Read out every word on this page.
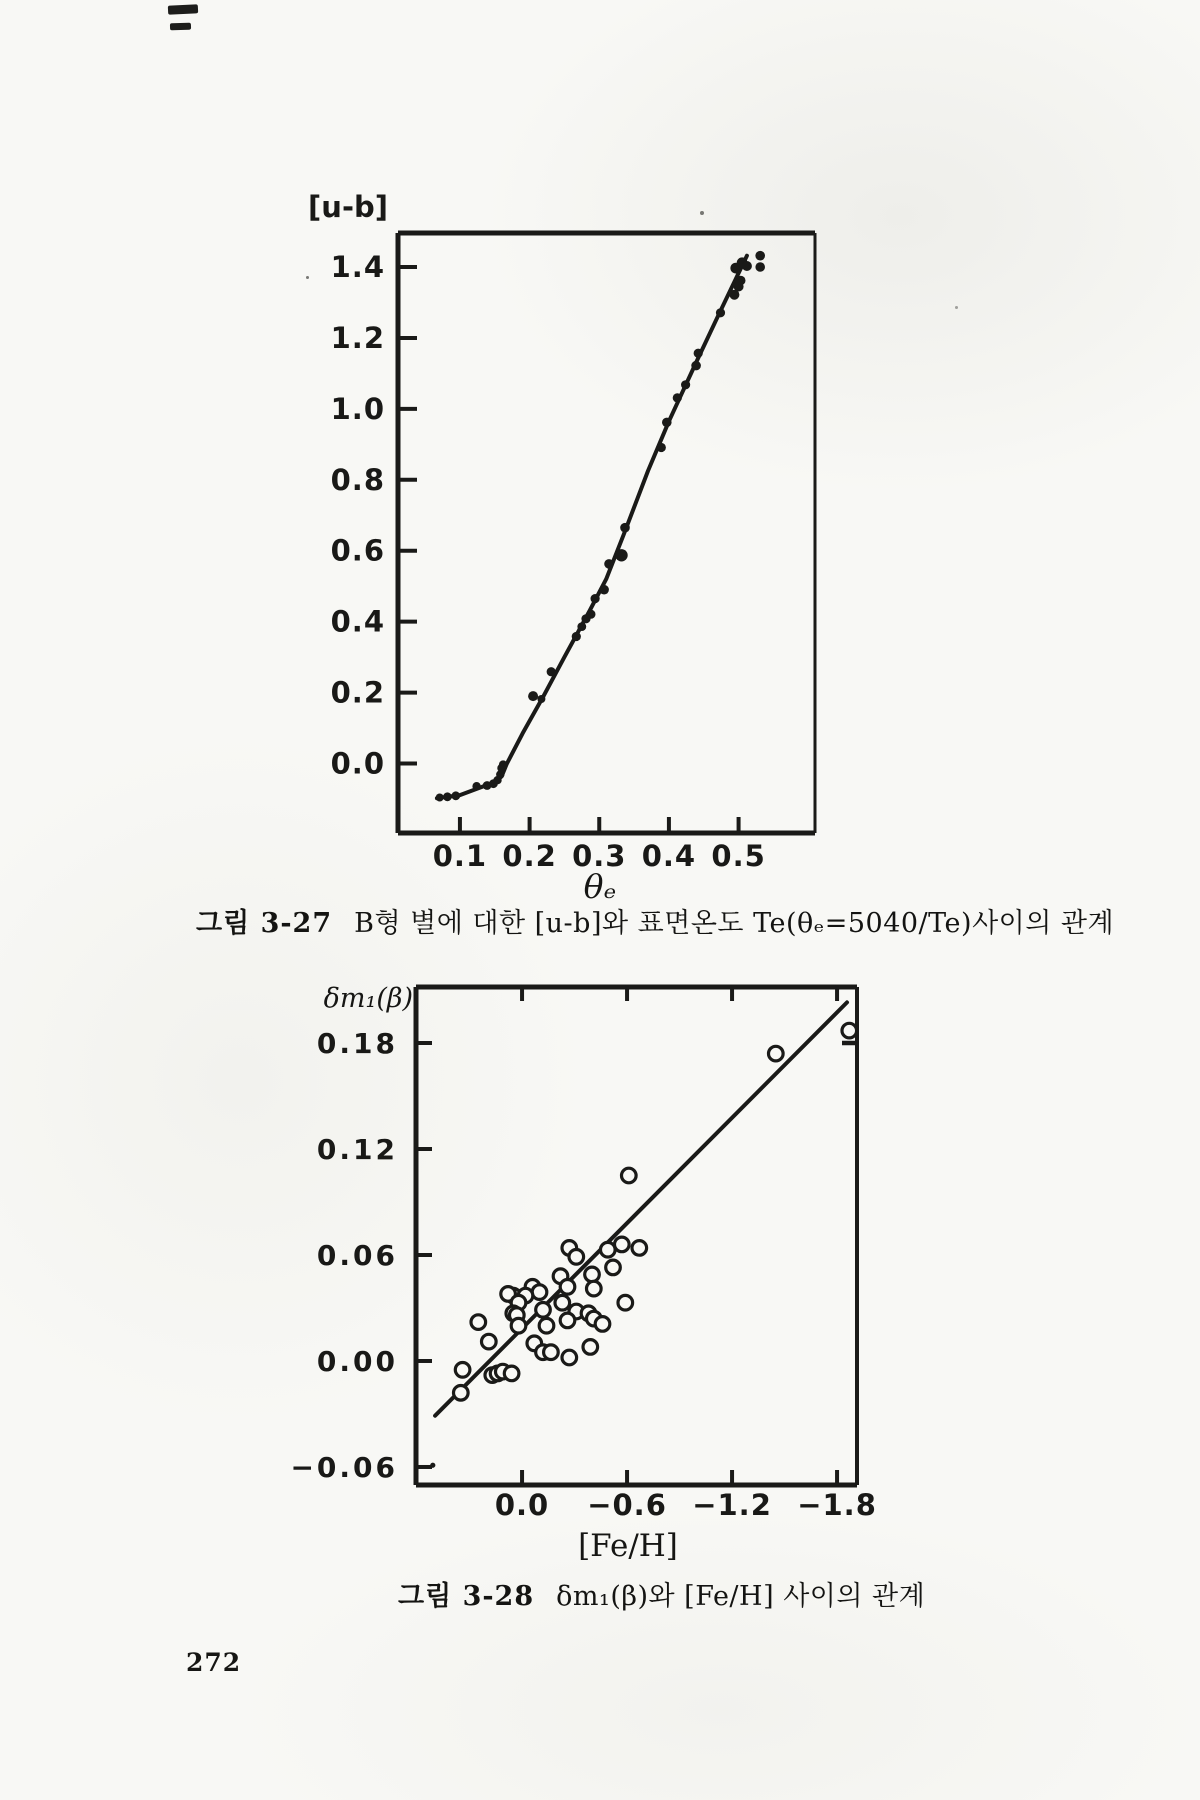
0.1 0.2 0.3 0.4 0.5
1.4
1.2
1.0
0.8
0.6
0.4
0.2
0.0
[u-b]
θₑ
0.0 −0.6 −1.2 −1.8
0.18
0.12
0.06
0.00
−0.06
δm₁(β)
[Fe/H]
그림 3-27 B형 별에 대한 [u-b]와 표면온도 Te(θₑ=5040/Te)사이의 관계
그림 3-28 δm₁(β)와 [Fe/H] 사이의 관계
272
